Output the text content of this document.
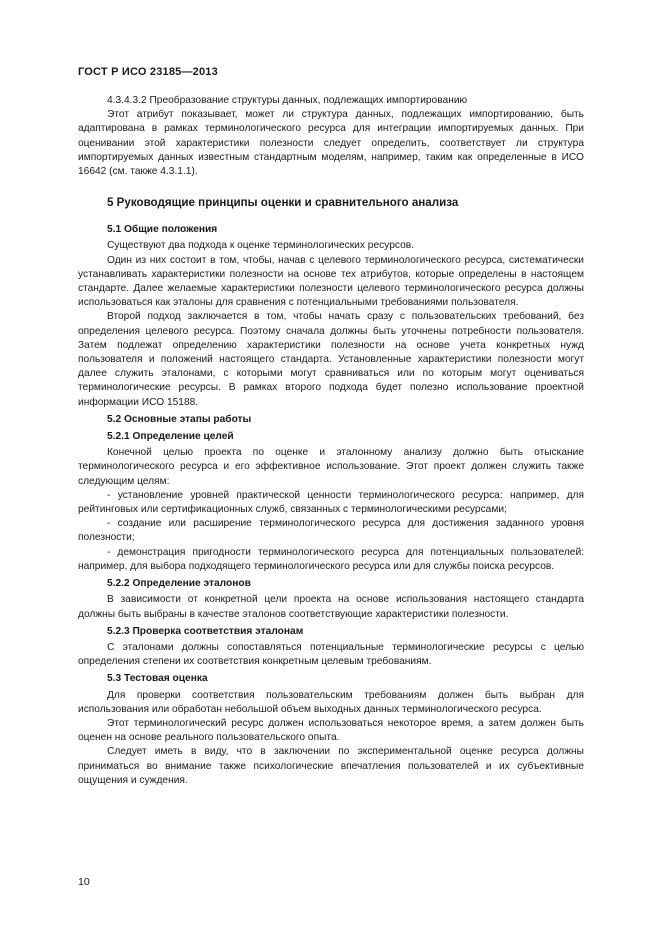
ГОСТ Р ИСО 23185—2013

4.3.4.3.2 Преобразование структуры данных, подлежащих импортированию

Этот атрибут показывает, может ли структура данных, подлежащих импортированию, быть адаптирована в рамках терминологического ресурса для интеграции импортируемых данных. При оценивании этой характеристики полезности следует определить, соответствует ли структура импортируемых данных известным стандартным моделям, например, таким как определенные в ИСО 16642 (см. также 4.3.1.1).

5 Руководящие принципы оценки и сравнительного анализа
5.1 Общие положения

Существуют два подхода к оценке терминологических ресурсов.

Один из них состоит в том, чтобы, начав с целевого терминологического ресурса, систематически устанавливать характеристики полезности на основе тех атрибутов, которые определены в настоящем стандарте. Далее желаемые характеристики полезности целевого терминологического ресурса должны использоваться как эталоны для сравнения с потенциальными требованиями пользователя.

Второй подход заключается в том, чтобы начать сразу с пользовательских требований, без определения целевого ресурса. Поэтому сначала должны быть уточнены потребности пользователя. Затем подлежат определению характеристики полезности на основе учета конкретных нужд пользователя и положений настоящего стандарта. Установленные характеристики полезности могут далее служить эталонами, с которыми могут сравниваться или по которым могут оцениваться терминологические ресурсы. В рамках второго подхода будет полезно использование проектной информации ИСО 15188.

5.2 Основные этапы работы
5.2.1 Определение целей

Конечной целью проекта по оценке и эталонному анализу должно быть отыскание терминологического ресурса и его эффективное использование. Этот проект должен служить также следующим целям:

- установление уровней практической ценности терминологического ресурса: например, для рейтинговых или сертификационных служб, связанных с терминологическими ресурсами;

- создание или расширение терминологического ресурса для достижения заданного уровня полезности;

- демонстрация пригодности терминологического ресурса для потенциальных пользователей: например, для выбора подходящего терминологического ресурса или для службы поиска ресурсов.

5.2.2 Определение эталонов

В зависимости от конкретной цели проекта на основе использования настоящего стандарта должны быть выбраны в качестве эталонов соответствующие характеристики полезности.

5.2.3 Проверка соответствия эталонам

С эталонами должны сопоставляться потенциальные терминологические ресурсы с целью определения степени их соответствия конкретным целевым требованиям.

5.3 Тестовая оценка

Для проверки соответствия пользовательским требованиям должен быть выбран для использования или обработан небольшой объем выходных данных терминологического ресурса.

Этот терминологический ресурс должен использоваться некоторое время, а затем должен быть оценен на основе реального пользовательского опыта.

Следует иметь в виду, что в заключении по экспериментальной оценке ресурса должны приниматься во внимание также психологические впечатления пользователей и их субъективные ощущения и суждения.

10
